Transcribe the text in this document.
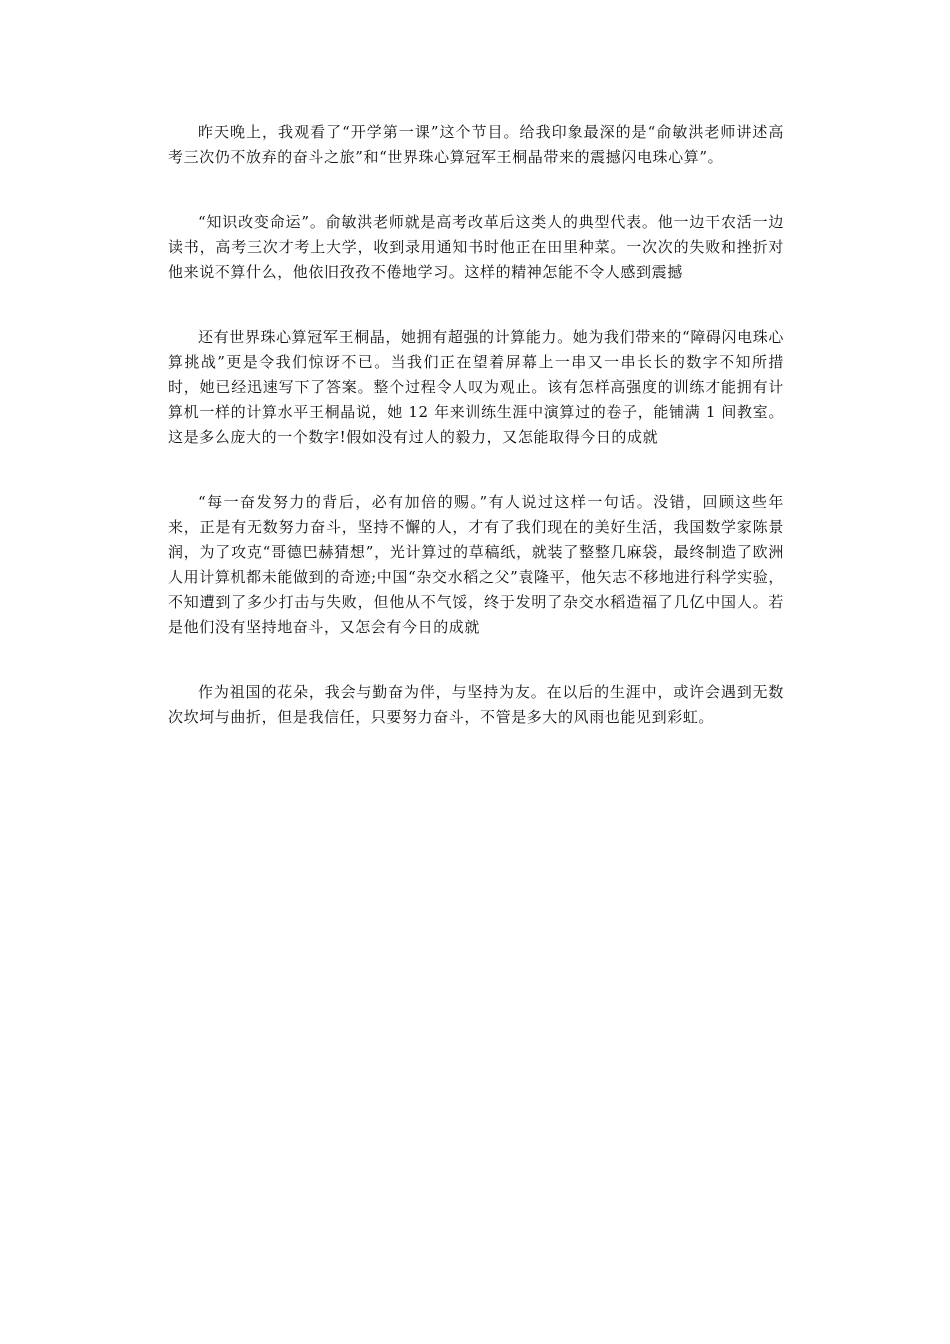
昨天晚上，我观看了“开学第一课”这个节目。给我印象最深的是“俞敏洪老师讲述高考三次仍不放弃的奋斗之旅”和“世界珠心算冠军王桐晶带来的震撼闪电珠心算”。

“知识改变命运”。俞敏洪老师就是高考改革后这类人的典型代表。他一边干农活一边读书，高考三次才考上大学，收到录用通知书时他正在田里种菜。一次次的失败和挫折对他来说不算什么，他依旧孜孜不倦地学习。这样的精神怎能不令人感到震撼

还有世界珠心算冠军王桐晶，她拥有超强的计算能力。她为我们带来的“障碍闪电珠心算挑战”更是令我们惊讶不已。当我们正在望着屏幕上一串又一串长长的数字不知所措时，她已经迅速写下了答案。整个过程令人叹为观止。该有怎样高强度的训练才能拥有计算机一样的计算水平王桐晶说，她 12 年来训练生涯中演算过的卷子，能铺满 1 间教室。这是多么庞大的一个数字!假如没有过人的毅力，又怎能取得今日的成就

“每一奋发努力的背后，必有加倍的赐。”有人说过这样一句话。没错，回顾这些年来，正是有无数努力奋斗，坚持不懈的人，才有了我们现在的美好生活，我国数学家陈景润，为了攻克“哥德巴赫猜想”，光计算过的草稿纸，就装了整整几麻袋，最终制造了欧洲人用计算机都未能做到的奇迹;中国“杂交水稻之父”袁隆平，他矢志不移地进行科学实验，不知遭到了多少打击与失败，但他从不气馁，终于发明了杂交水稻造福了几亿中国人。若是他们没有坚持地奋斗，又怎会有今日的成就

作为祖国的花朵，我会与勤奋为伴，与坚持为友。在以后的生涯中，或许会遇到无数次坎坷与曲折，但是我信任，只要努力奋斗，不管是多大的风雨也能见到彩虹。
